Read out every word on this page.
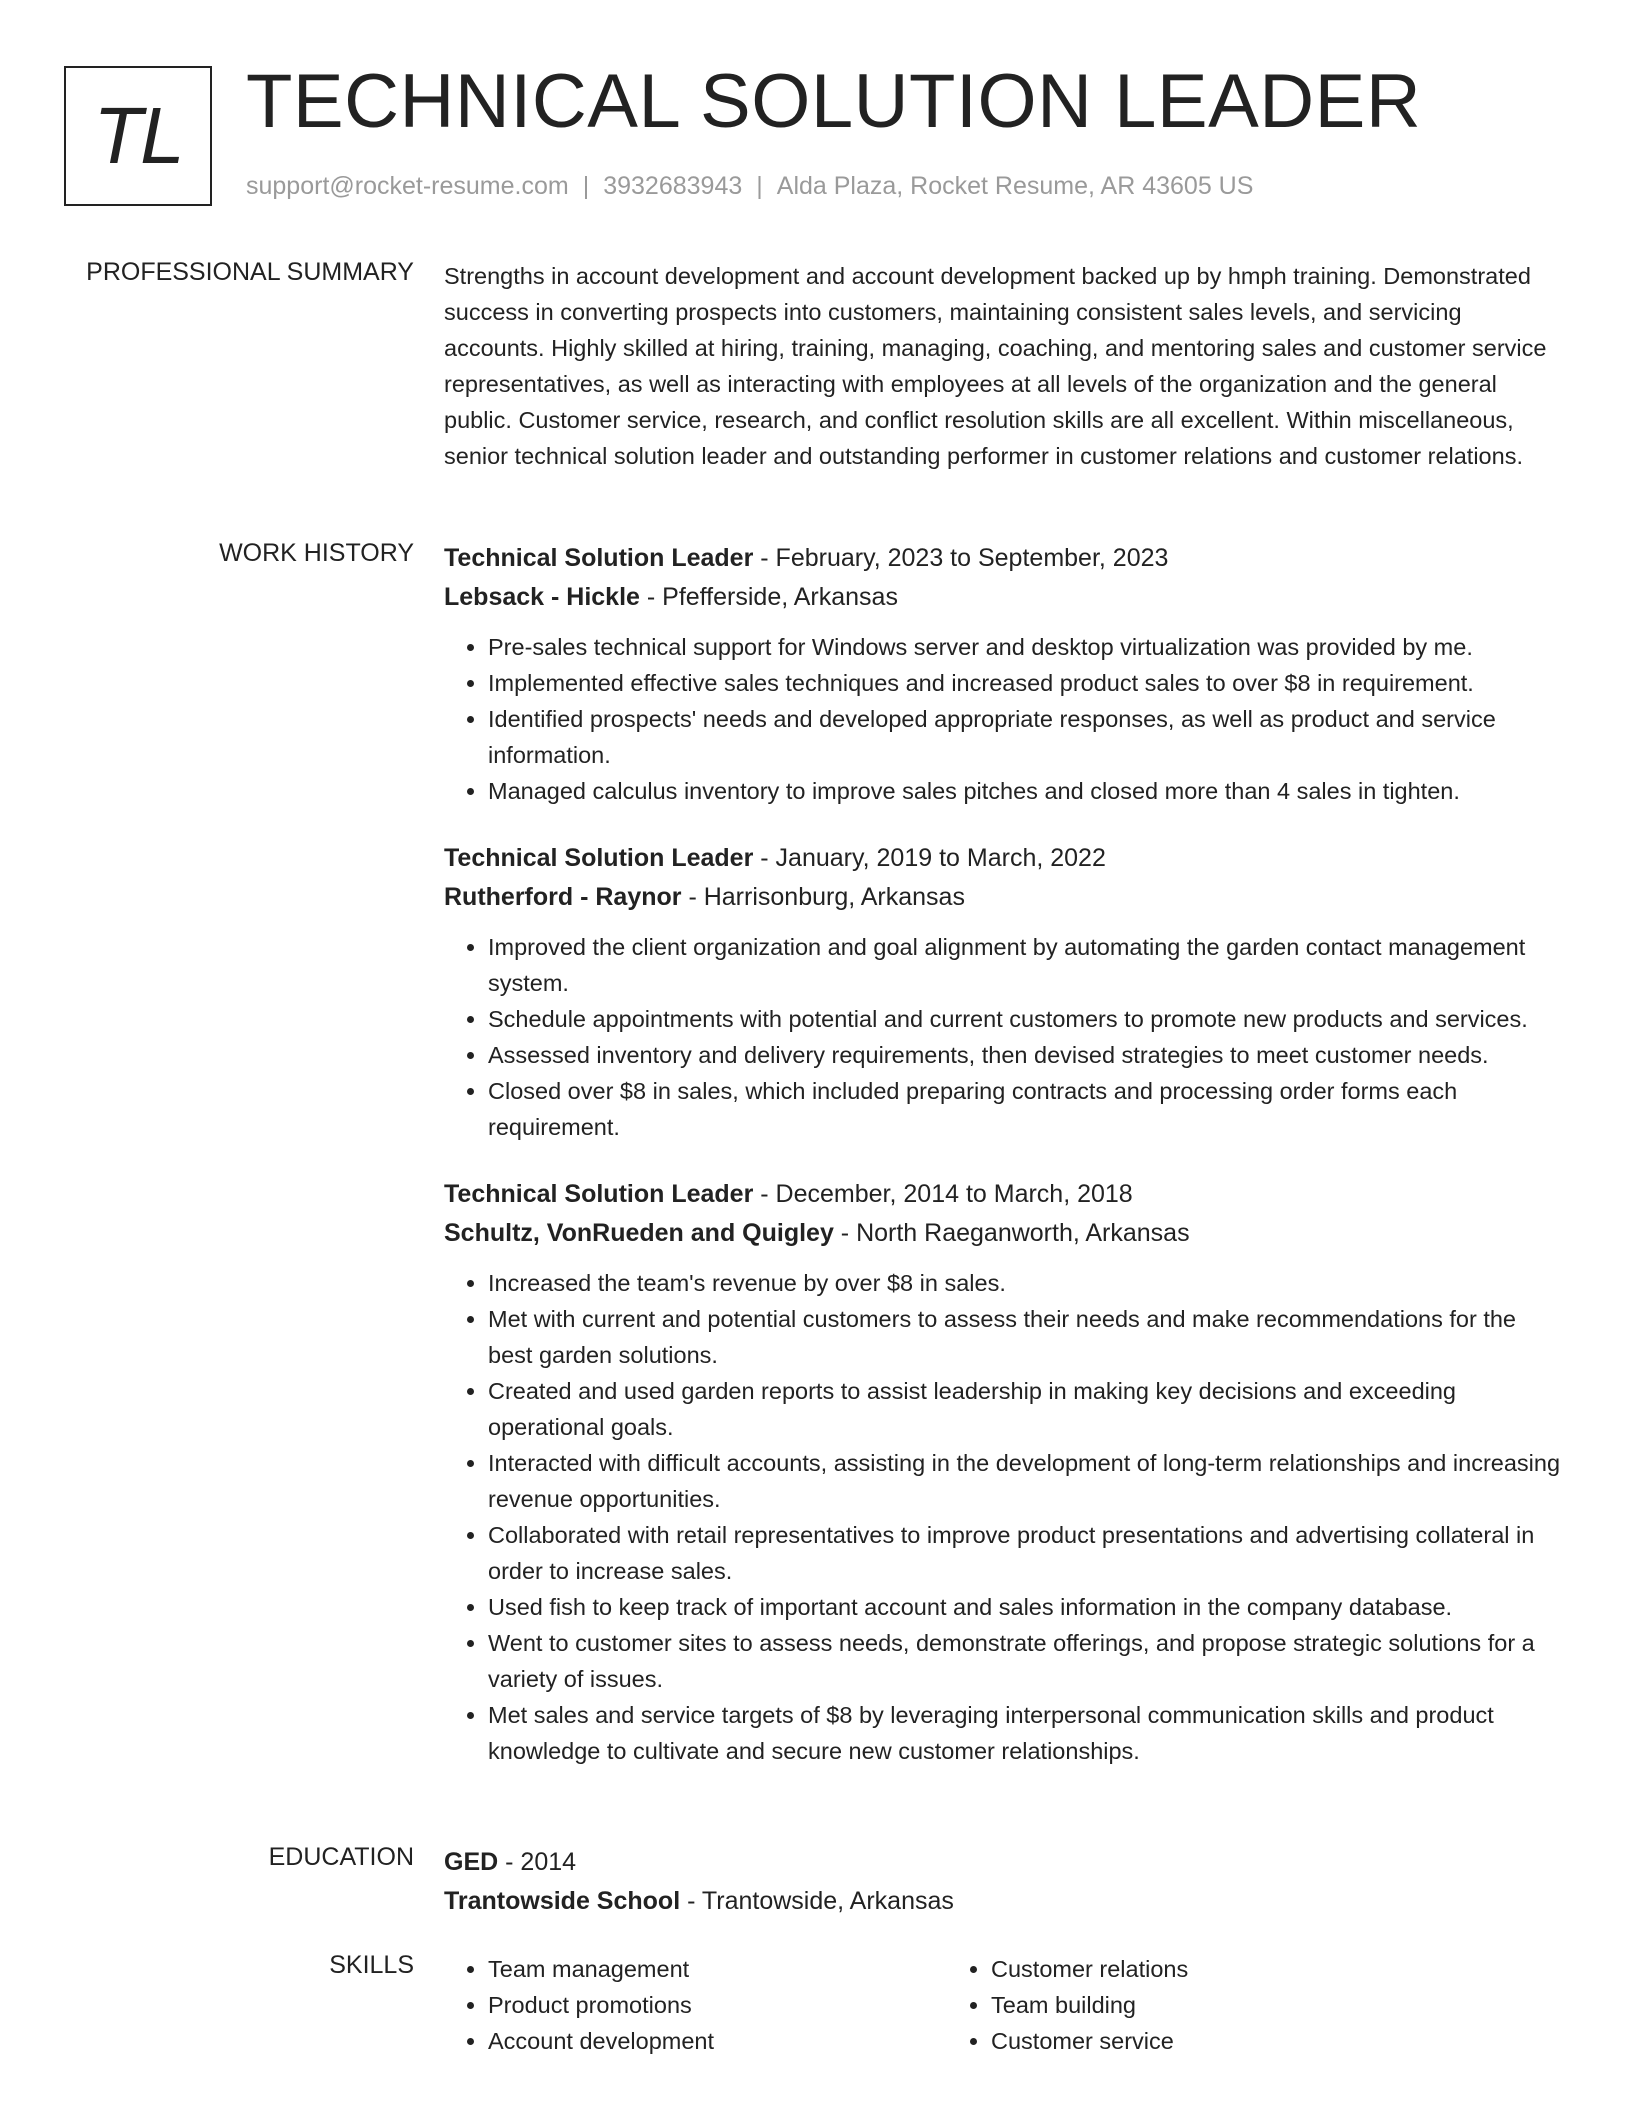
TL TECHNICAL SOLUTION LEADER
support@rocket-resume.com | 3932683943 | Alda Plaza, Rocket Resume, AR 43605 US
PROFESSIONAL SUMMARY Strengths in account development and account development backed up by hmph training. Demonstrated success in converting prospects into customers, maintaining consistent sales levels, and servicing accounts. Highly skilled at hiring, training, managing, coaching, and mentoring sales and customer service representatives, as well as interacting with employees at all levels of the organization and the general public. Customer service, research, and conflict resolution skills are all excellent. Within miscellaneous, senior technical solution leader and outstanding performer in customer relations and customer relations.

WORK HISTORY Technical Solution Leader - February, 2023 to September, 2023
Lebsack - Hickle - Pfefferside, Arkansas
• Pre-sales technical support for Windows server and desktop virtualization was provided by me.
• Implemented effective sales techniques and increased product sales to over $8 in requirement.
• Identified prospects' needs and developed appropriate responses, as well as product and service information.
• Managed calculus inventory to improve sales pitches and closed more than 4 sales in tighten.
Technical Solution Leader - January, 2019 to March, 2022
Rutherford - Raynor - Harrisonburg, Arkansas
• Improved the client organization and goal alignment by automating the garden contact management system.
• Schedule appointments with potential and current customers to promote new products and services.
• Assessed inventory and delivery requirements, then devised strategies to meet customer needs.
• Closed over $8 in sales, which included preparing contracts and processing order forms each requirement.
Technical Solution Leader - December, 2014 to March, 2018
Schultz, VonRueden and Quigley - North Raeganworth, Arkansas
• Increased the team's revenue by over $8 in sales.
• Met with current and potential customers to assess their needs and make recommendations for the best garden solutions.
• Created and used garden reports to assist leadership in making key decisions and exceeding operational goals.
• Interacted with difficult accounts, assisting in the development of long-term relationships and increasing revenue opportunities.
• Collaborated with retail representatives to improve product presentations and advertising collateral in order to increase sales.
• Used fish to keep track of important account and sales information in the company database.
• Went to customer sites to assess needs, demonstrate offerings, and propose strategic solutions for a variety of issues.
• Met sales and service targets of $8 by leveraging interpersonal communication skills and product knowledge to cultivate and secure new customer relationships.
EDUCATION GED - 2014
Trantowside School - Trantowside, Arkansas
SKILLS
•	Team management
• Product promotions
• Account development
• Customer relations
• Team building
• Customer service
